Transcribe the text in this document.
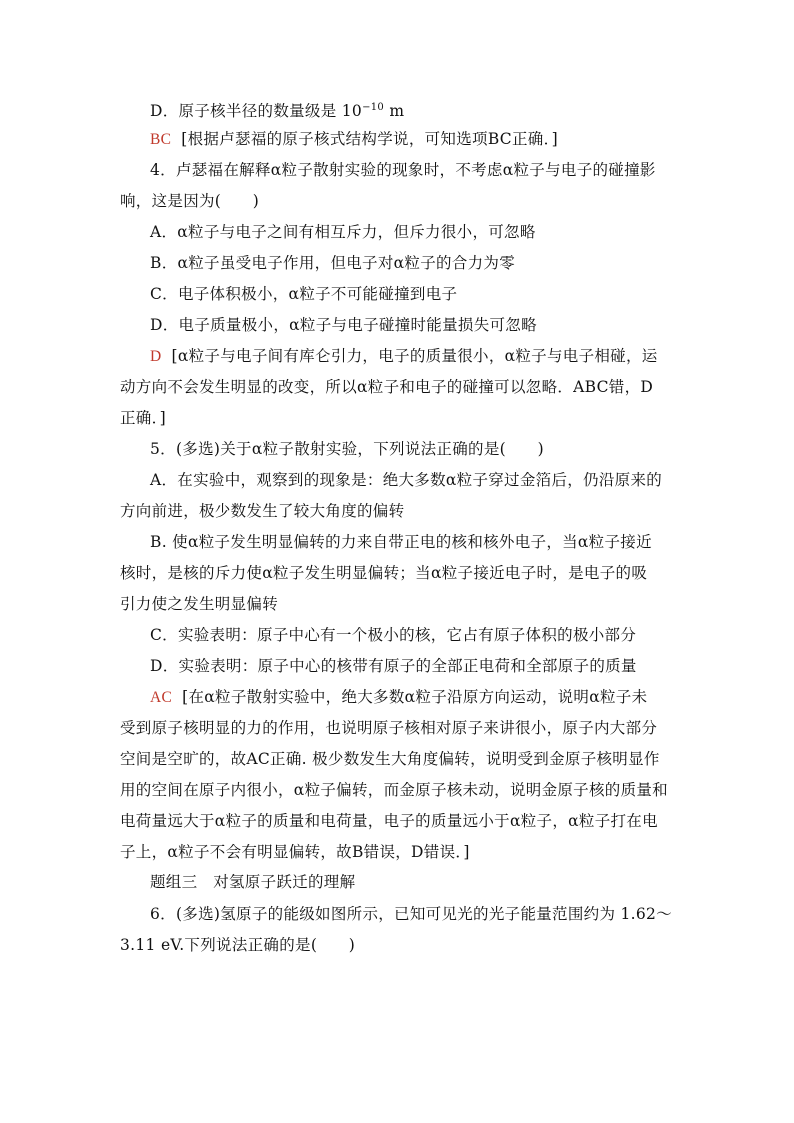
D．原子核半径的数量级是 $10^{-10}$ m
BC [根据卢瑟福的原子核式结构学说，可知选项BC正确．]
4．卢瑟福在解释α粒子散射实验的现象时，不考虑α粒子与电子的碰撞影
响，这是因为(　　)
A．α粒子与电子之间有相互斥力，但斥力很小，可忽略
B．α粒子虽受电子作用，但电子对α粒子的合力为零
C．电子体积极小，α粒子不可能碰撞到电子
D．电子质量极小，α粒子与电子碰撞时能量损失可忽略
D [α粒子与电子间有库仑引力，电子的质量很小，α粒子与电子相碰，运
动方向不会发生明显的改变，所以α粒子和电子的碰撞可以忽略．ABC错，D
正确．]
5．(多选)关于α粒子散射实验，下列说法正确的是(　　)
A．在实验中，观察到的现象是：绝大多数α粒子穿过金箔后，仍沿原来的
方向前进，极少数发生了较大角度的偏转
B. 使α粒子发生明显偏转的力来自带正电的核和核外电子，当α粒子接近
核时，是核的斥力使α粒子发生明显偏转；当α粒子接近电子时，是电子的吸
引力使之发生明显偏转
C．实验表明：原子中心有一个极小的核，它占有原子体积的极小部分
D．实验表明：原子中心的核带有原子的全部正电荷和全部原子的质量
AC [在α粒子散射实验中，绝大多数α粒子沿原方向运动，说明α粒子未
受到原子核明显的力的作用，也说明原子核相对原子来讲很小，原子内大部分
空间是空旷的，故AC正确. 极少数发生大角度偏转，说明受到金原子核明显作
用的空间在原子内很小，α粒子偏转，而金原子核未动，说明金原子核的质量和
电荷量远大于α粒子的质量和电荷量，电子的质量远小于α粒子，α粒子打在电
子上，α粒子不会有明显偏转，故B错误，D错误．]
题组三　对氢原子跃迁的理解
6．(多选)氢原子的能级如图所示，已知可见光的光子能量范围约为 1.62～
3.11 eV.下列说法正确的是(　　)
